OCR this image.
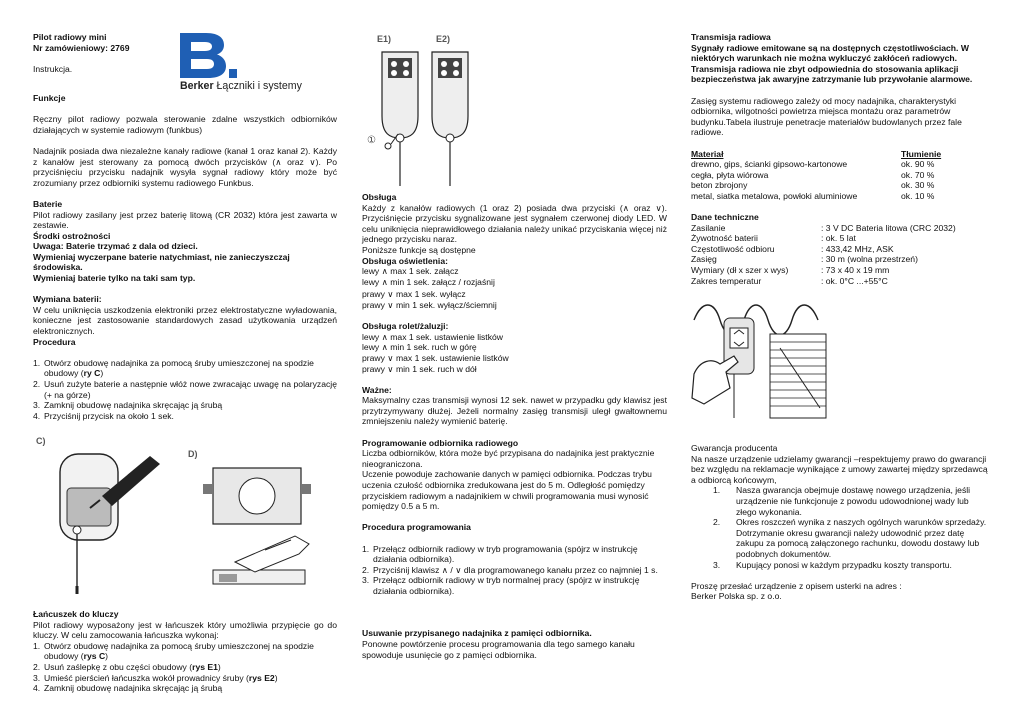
Pilot radiowy mini

Nr zamówieniowy: 2769

Instrukcja.

Funkcje

Ręczny pilot radiowy pozwala sterowanie zdalne wszystkich odbiorników działających w systemie radiowym (funkbus)

Nadajnik posiada dwa niezależne kanały radiowe (kanał 1 oraz kanał 2). Każdy z kanałów jest sterowany za pomocą dwóch przycisków (∧ oraz ∨). Po przyciśnięciu przycisku nadajnik wysyła sygnał radiowy który może być zrozumiany przez odbiorniki systemu radiowego Funkbus.

Baterie

Pilot radiowy zasilany jest przez baterię litową (CR 2032) która jest zawarta w zestawie.

Środki ostrożności

Uwaga: Baterie trzymać z dala od dzieci.

Wymieniaj wyczerpane baterie natychmiast, nie zanieczyszczaj środowiska.

Wymieniaj baterie tylko na taki sam typ.

Wymiana baterii:

W celu uniknięcia uszkodzenia elektroniki przez elektrostatyczne wyładowania, konieczne jest zastosowanie standardowych zasad użytkowania urządzeń elektronicznych.

Procedura

1. Otwórz obudowę nadajnika za pomocą śruby umieszczonej na spodzie obudowy (ry C)
2. Usuń zużyte baterie a następnie włóż nowe zwracając uwagę na polaryzację (+ na górze)
3. Zamknij obudowę nadajnika skręcając ją śrubą
4. Przyciśnij przycisk na około 1 sek.
Berker Łączniki i systemy
C)
D)

Łańcuszek do kluczy

Pilot radiowy wyposażony jest w łańcuszek który umożliwia przypięcie go do kluczy. W celu zamocowania łańcuszka wykonaj:

1. Otwórz obudowę nadajnika za pomocą śruby umieszczonej na spodzie obudowy (rys C)
2. Usuń zaślepkę z obu części obudowy (rys E1)
3. Umieść pierścień łańcuszka wokół prowadnicy śruby (rys E2)
4. Zamknij obudowę nadajnika skręcając ją śrubą
E1)	E2)
①

Obsługa

Każdy z kanałów radiowych (1 oraz 2) posiada dwa przyciski (∧ oraz ∨). Przyciśnięcie przycisku sygnalizowane jest sygnałem czerwonej diody LED. W celu uniknięcia nieprawidłowego działania należy unikać przyciskania więcej niż jednego przycisku naraz.

Poniższe funkcje są dostępne

Obsługa oświetlenia:

lewy ∧ max 1 sek. załącz

lewy ∧ min 1 sek. załącz / rozjaśnij

prawy ∨ max 1 sek. wyłącz

prawy ∨ min 1 sek. wyłącz/ściemnij

Obsługa rolet/żaluzji:

lewy ∧ max 1 sek. ustawienie listków

lewy ∧ min 1 sek. ruch w górę

prawy ∨ max 1 sek. ustawienie listków

prawy ∨ min 1 sek. ruch w dół

Ważne:

Maksymalny czas transmisji wynosi 12 sek. nawet w przypadku gdy klawisz jest przytrzymywany dłużej. Jeżeli normalny zasięg transmisji uległ gwałtownemu zmniejszeniu należy wymienić baterię.

Programowanie odbiornika radiowego

Liczba odbiorników, która może być przypisana do nadajnika jest praktycznie nieograniczona.
Uczenie powoduje zachowanie danych w pamięci odbiornika. Podczas trybu uczenia czułość odbiornika zredukowana jest do 5 m. Odległość pomiędzy przyciskiem radiowym a nadajnikiem w chwili programowania musi wynosić pomiędzy 0.5 a 5 m.

Procedura programowania

1. Przełącz odbiornik radiowy w tryb programowania (spójrz w instrukcję działania odbiornika).
2. Przyciśnij klawisz ∧ / ∨ dla programowanego kanału przez co najmniej 1 s.
3. Przełącz odbiornik radiowy w tryb normalnej pracy (spójrz w instrukcję działania odbiornika).

Usuwanie przypisanego nadajnika z pamięci odbiornika.

Ponowne powtórzenie procesu programowania dla tego samego kanału spowoduje usunięcie go z pamięci odbiornika.

Transmisja radiowa

Sygnały radiowe emitowane są na dostępnych częstotliwościach. W niektórych warunkach nie można wykluczyć zakłóceń radiowych. Transmisja radiowa nie zbyt odpowiednia do stosowania aplikacji bezpieczeństwa jak awaryjne zatrzymanie lub przywołanie alarmowe.

Zasięg systemu radiowego zależy od mocy nadajnika, charakterystyki odbiornika, wilgotności powietrza miejsca montażu oraz parametrów budynku.Tabela ilustruje penetracje materiałów budowlanych przez fale radiowe.

Materiał	Tłumienie
drewno, gips, ścianki gipsowo-kartonowe	ok. 90 %
cegła, płyta wiórowa	ok. 70 %
beton zbrojony	ok. 30 %
metal, siatka metalowa, powłoki aluminiowe	ok. 10 %

Dane techniczne

Zasilanie	: 3 V DC Bateria litowa (CRC 2032)
Żywotność baterii	: ok. 5 lat
Częstotliwość odbioru	: 433,42 MHz, ASK
Zasięg	: 30 m (wolna przestrzeń)
Wymiary (dł x szer x wys)	: 73 x 40 x 19 mm
Zakres temperatur	: ok. 0°C ...+55°C

Gwarancja producenta

Na nasze urządzenie udzielamy gwarancji –respektujemy prawo do gwarancji bez względu na reklamacje wynikające z umowy zawartej między sprzedawcą a odbiorcą końcowym,

1. Nasza gwarancja obejmuje dostawę nowego urządzenia, jeśli urządzenie nie funkcjonuje z powodu udowodnionej wady lub złego wykonania.
2. Okres roszczeń wynika z naszych ogólnych warunków sprzedaży. Dotrzymanie okresu gwarancji należy udowodnić przez datę zakupu za pomocą załączonego rachunku, dowodu dostawy lub podobnych dokumentów.
3. Kupujący ponosi w każdym przypadku koszty transportu.

Proszę przesłać urządzenie z opisem usterki na adres :

Berker Polska sp. z o.o.
